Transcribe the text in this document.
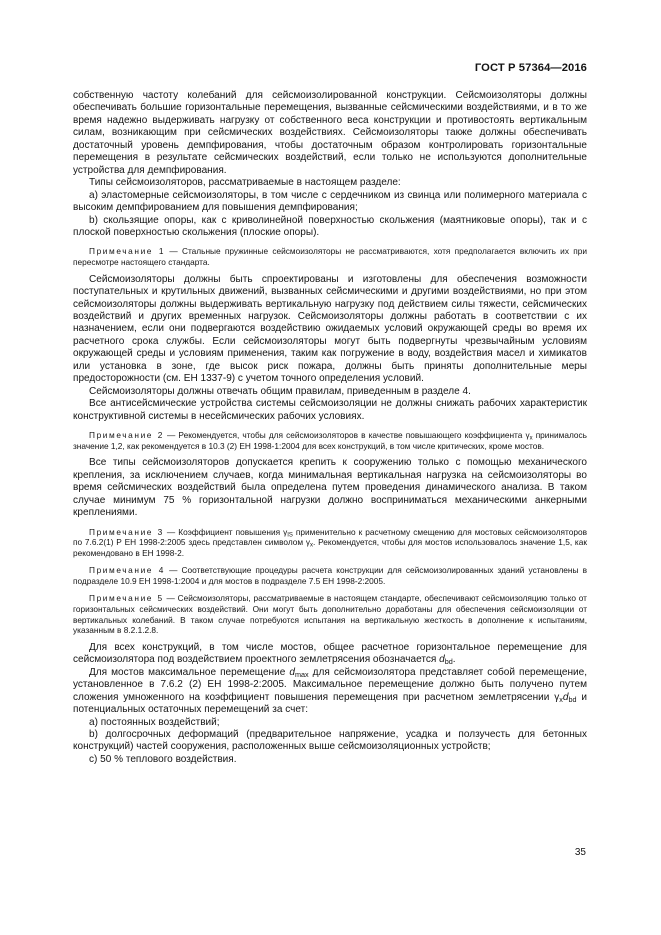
ГОСТ Р 57364—2016

собственную частоту колебаний для сейсмоизолированной конструкции. Сейсмоизоляторы должны обеспечивать большие горизонтальные перемещения, вызванные сейсмическими воздействиями, и в то же время надежно выдерживать нагрузку от собственного веса конструкции и противостоять вертикальным силам, возникающим при сейсмических воздействиях. Сейсмоизоляторы также должны обеспечивать достаточный уровень демпфирования, чтобы достаточным образом контролировать горизонтальные перемещения в результате сейсмических воздействий, если только не используются дополнительные устройства для демпфирования.

Типы сейсмоизоляторов, рассматриваемые в настоящем разделе:

а) эластомерные сейсмоизоляторы, в том числе с сердечником из свинца или полимерного материала с высоким демпфированием для повышения демпфирования;

b) скользящие опоры, как с криволинейной поверхностью скольжения (маятниковые опоры), так и с плоской поверхностью скольжения (плоские опоры).

Примечание 1 — Стальные пружинные сейсмоизоляторы не рассматриваются, хотя предполагается включить их при пересмотре настоящего стандарта.

Сейсмоизоляторы должны быть спроектированы и изготовлены для обеспечения возможности поступательных и крутильных движений, вызванных сейсмическими и другими воздействиями, но при этом сейсмоизоляторы должны выдерживать вертикальную нагрузку под действием силы тяжести, сейсмических воздействий и других временных нагрузок. Сейсмоизоляторы должны работать в соответствии с их назначением, если они подвергаются воздействию ожидаемых условий окружающей среды во время их расчетного срока службы. Если сейсмоизоляторы могут быть подвергнуты чрезвычайным условиям окружающей среды и условиям применения, таким как погружение в воду, воздействия масел и химикатов или установка в зоне, где высок риск пожара, должны быть приняты дополнительные меры предосторожности (см. ЕН 1337-9) с учетом точного определения условий.

Сейсмоизоляторы должны отвечать общим правилам, приведенным в разделе 4.

Все антисейсмические устройства системы сейсмоизоляции не должны снижать рабочих характеристик конструктивной системы в несейсмических рабочих условиях.

Примечание 2 — Рекомендуется, чтобы для сейсмоизоляторов в качестве повышающего коэффициента $\gamma_x$ принималось значение 1,2, как рекомендуется в 10.3 (2) ЕН 1998-1:2004 для всех конструкций, в том числе критических, кроме мостов.

Все типы сейсмоизоляторов допускается крепить к сооружению только с помощью механического крепления, за исключением случаев, когда минимальная вертикальная нагрузка на сейсмоизоляторы во время сейсмических воздействий была определена путем проведения динамического анализа. В таком случае минимум 75 % горизонтальной нагрузки должно восприниматься механическими анкерными креплениями.

Примечание 3 — Коэффициент повышения $\gamma_{IS}$ применительно к расчетному смещению для мостовых сейсмоизоляторов по 7.6.2(1) Р ЕН 1998-2:2005 здесь представлен символом $\gamma_x$. Рекомендуется, чтобы для мостов использовалось значение 1,5, как рекомендовано в ЕН 1998-2.

Примечание 4 — Соответствующие процедуры расчета конструкции для сейсмоизолированных зданий установлены в подразделе 10.9 ЕН 1998-1:2004 и для мостов в подразделе 7.5 ЕН 1998-2:2005.

Примечание 5 — Сейсмоизоляторы, рассматриваемые в настоящем стандарте, обеспечивают сейсмоизоляцию только от горизонтальных сейсмических воздействий. Они могут быть дополнительно доработаны для обеспечения сейсмоизоляции от вертикальных колебаний. В таком случае потребуются испытания на вертикальную жесткость в дополнение к испытаниям, указанным в 8.2.1.2.8.

Для всех конструкций, в том числе мостов, общее расчетное горизонтальное перемещение для сейсмоизолятора под воздействием проектного землетрясения обозначается $d_{bd}$.

Для мостов максимальное перемещение $d_{max}$ для сейсмоизолятора представляет собой перемещение, установленное в 7.6.2 (2) ЕН 1998-2:2005. Максимальное перемещение должно быть получено путем сложения умноженного на коэффициент повышения перемещения при расчетном землетрясении $\gamma_xd_{bd}$ и потенциальных остаточных перемещений за счет:

а) постоянных воздействий;

b) долгосрочных деформаций (предварительное напряжение, усадка и ползучесть для бетонных конструкций) частей сооружения, расположенных выше сейсмоизоляционных устройств;

с) 50 % теплового воздействия.

35
